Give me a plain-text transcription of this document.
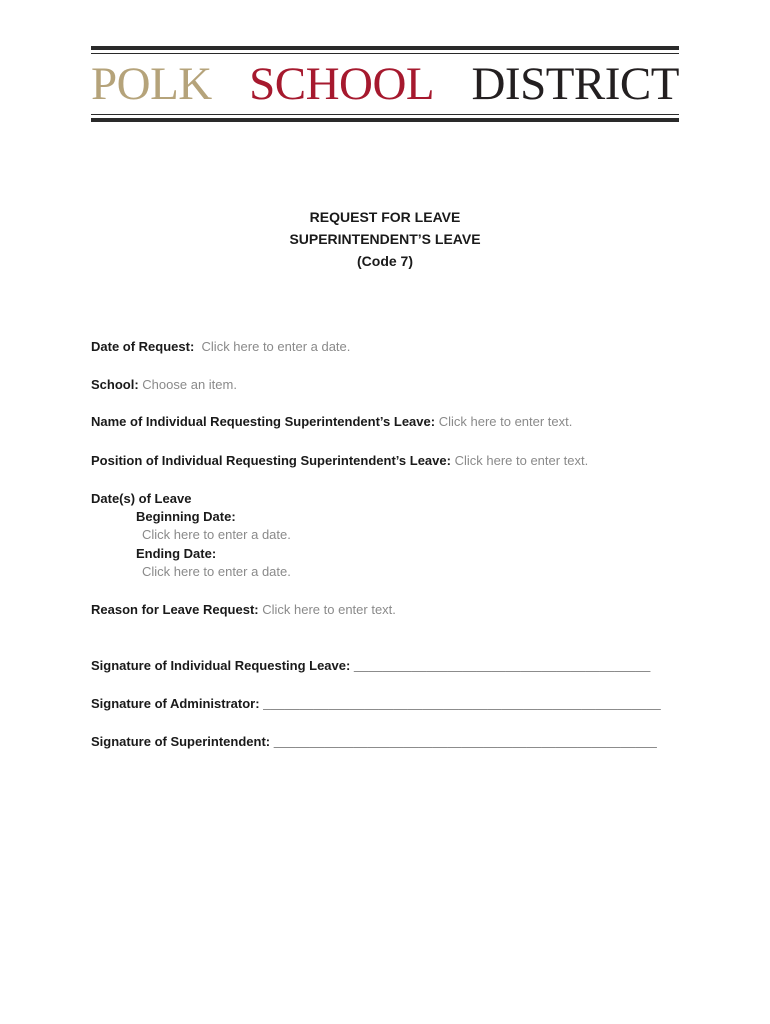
POLK SCHOOL DISTRICT
REQUEST FOR LEAVE
SUPERINTENDENT’S LEAVE
(Code 7)
Date of Request: Click here to enter a date.
School: Choose an item.
Name of Individual Requesting Superintendent’s Leave: Click here to enter text.
Position of Individual Requesting Superintendent’s Leave: Click here to enter text.
Date(s) of Leave
Beginning Date:
Click here to enter a date.
Ending Date:
Click here to enter a date.
Reason for Leave Request: Click here to enter text.
Signature of Individual Requesting Leave: _________________________________________
Signature of Administrator: _______________________________________________________
Signature of Superintendent: _____________________________________________________
